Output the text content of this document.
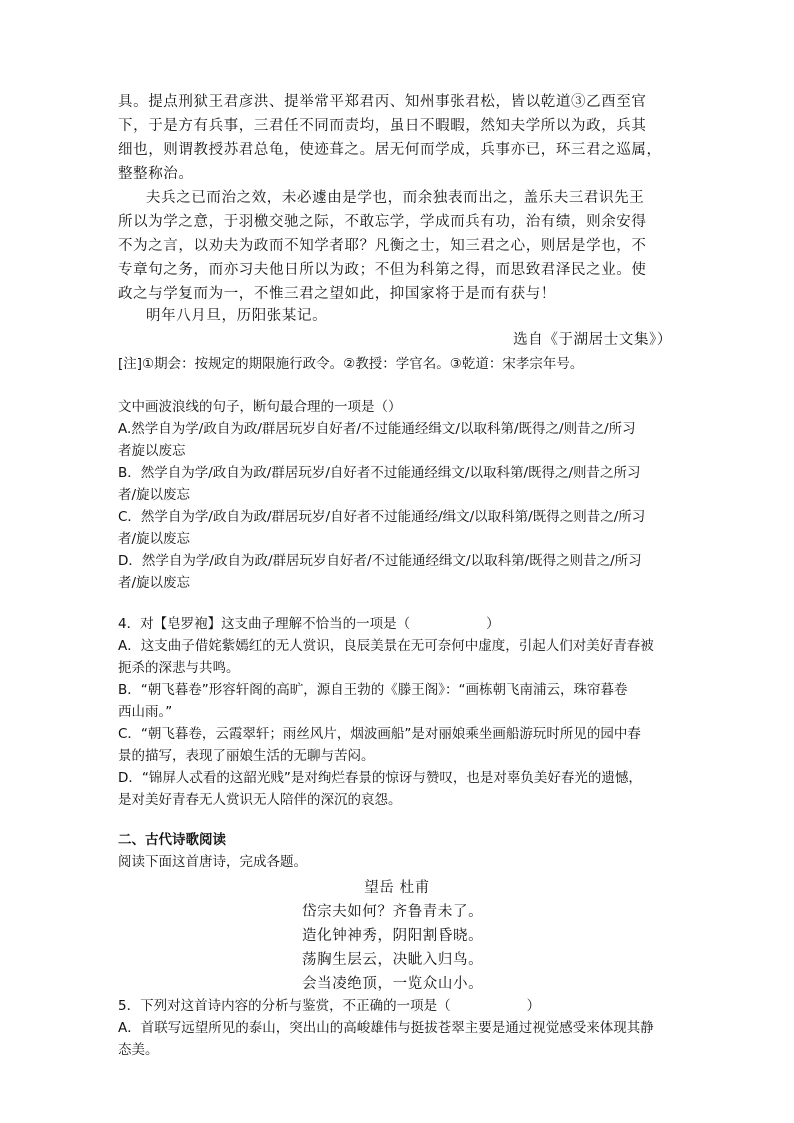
具。提点刑狱王君彦洪、提举常平郑君丙、知州事张君松，皆以乾道③乙酉至官
下，于是方有兵事，三君任不同而责均，虽日不暇暇，然知夫学所以为政，兵其
细也，则谓教授苏君总龟，使迹葺之。居无何而学成，兵事亦已，环三君之巡属，
整整称治。
夫兵之已而治之效，未必遽由是学也，而余独表而出之，盖乐夫三君识先王
所以为学之意，于羽檄交驰之际，不敢忘学，学成而兵有功，治有绩，则余安得
不为之言，以劝夫为政而不知学者耶？凡衡之士，知三君之心，则居是学也，不
专章句之务，而亦习夫他日所以为政；不但为科第之得，而思致君泽民之业。使
政之与学复而为一，不惟三君之望如此，抑国家将于是而有获与！
明年八月旦，历阳张某记。
选自《于湖居士文集》）
[注]①期会：按规定的期限施行政令。②教授：学官名。③乾道：宋孝宗年号。
文中画波浪线的句子，断句最合理的一项是（）
A.然学自为学/政自为政/群居玩岁自好者/不过能通经缉文/以取科第/既得之/则昔之/所习
者旋以废忘
B．然学自为学/政自为政/群居玩岁/自好者不过能通经缉文/以取科第/既得之/则昔之所习
者/旋以废忘
C．然学自为学/政自为政/群居玩岁/自好者不过能通经/缉文/以取科第/既得之则昔之/所习
者/旋以废忘
D．然学自为学/政自为政/群居玩岁自好者/不过能通经缉文/以取科第/既得之则昔之/所习
者/旋以废忘
4．对【皂罗袍】这支曲子理解不恰当的一项是（	）
A．这支曲子借姹紫嫣红的无人赏识，良辰美景在无可奈何中虚度，引起人们对美好青春被
扼杀的深悲与共鸣。
B．“朝飞暮卷”形容轩阁的高旷，源自王勃的《滕王阁》：“画栋朝飞南浦云，珠帘暮卷
西山雨。”
C．“朝飞暮卷，云霞翠轩；雨丝风片，烟波画船”是对丽娘乘坐画船游玩时所见的园中春
景的描写，表现了丽娘生活的无聊与苦闷。
D．“锦屏人忒看的这韶光贱”是对绚烂春景的惊讶与赞叹，也是对辜负美好春光的遗憾，
是对美好青春无人赏识无人陪伴的深沉的哀怨。
二、古代诗歌阅读
阅读下面这首唐诗，完成各题。
望岳 杜甫
岱宗夫如何？齐鲁青未了。
造化钟神秀，阴阳割昏晓。
荡胸生层云，决眦入归鸟。
会当凌绝顶，一览众山小。
5．下列对这首诗内容的分析与鉴赏，不正确的一项是（	）
A．首联写远望所见的泰山，突出山的高峻雄伟与挺拔苍翠主要是通过视觉感受来体现其静
态美。
